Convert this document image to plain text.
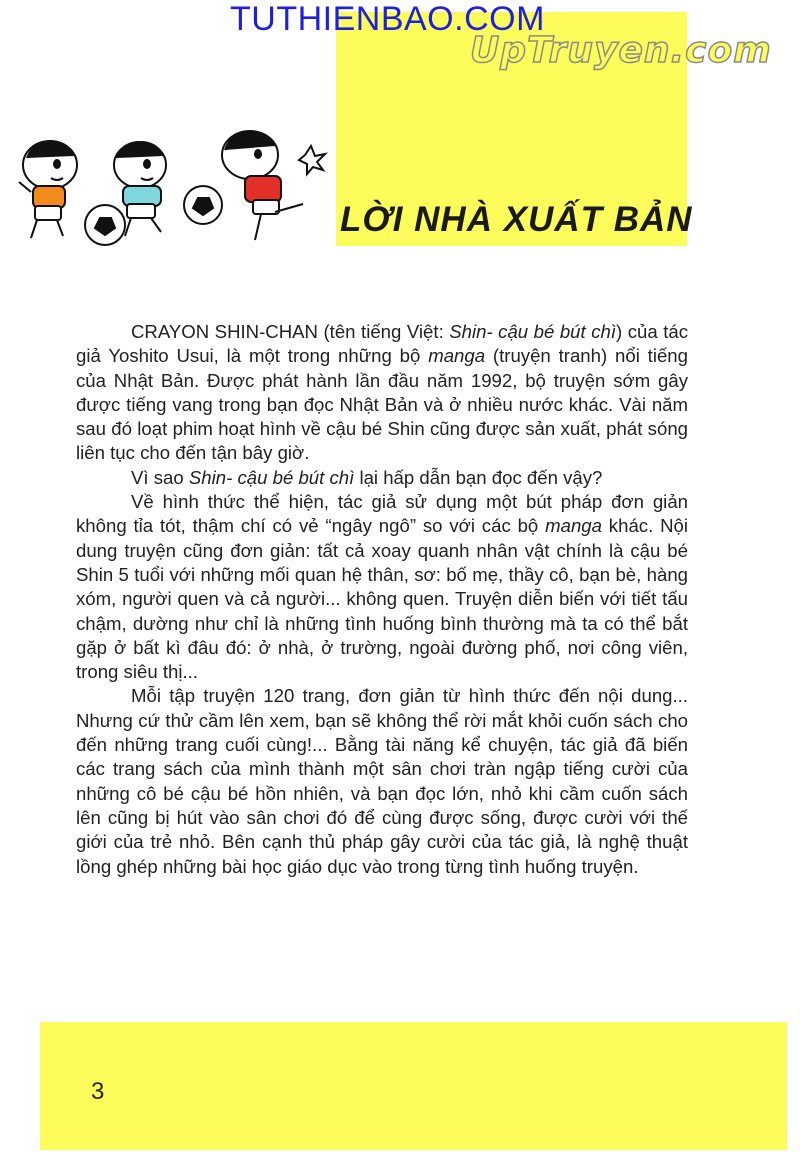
TUTHIENBAO.COM
UpTruyen.com
LỜI NHÀ XUẤT BẢN

CRAYON SHIN-CHAN (tên tiếng Việt: Shin- cậu bé bút chì) của tác giả Yoshito Usui, là một trong những bộ manga (truyện tranh) nổi tiếng của Nhật Bản. Được phát hành lần đầu năm 1992, bộ truyện sớm gây được tiếng vang trong bạn đọc Nhật Bản và ở nhiều nước khác. Vài năm sau đó loạt phim hoạt hình về cậu bé Shin cũng được sản xuất, phát sóng liên tục cho đến tận bây giờ.

Vì sao Shin- cậu bé bút chì lại hấp dẫn bạn đọc đến vậy?

Về hình thức thể hiện, tác giả sử dụng một bút pháp đơn giản không tỉa tót, thậm chí có vẻ “ngây ngô” so với các bộ manga khác. Nội dung truyện cũng đơn giản: tất cả xoay quanh nhân vật chính là cậu bé Shin 5 tuổi với những mối quan hệ thân, sơ: bố mẹ, thầy cô, bạn bè, hàng xóm, người quen và cả người... không quen. Truyện diễn biến với tiết tấu chậm, dường như chỉ là những tình huống bình thường mà ta có thể bắt gặp ở bất kì đâu đó: ở nhà, ở trường, ngoài đường phố, nơi công viên, trong siêu thị...

Mỗi tập truyện 120 trang, đơn giản từ hình thức đến nội dung... Nhưng cứ thử cầm lên xem, bạn sẽ không thể rời mắt khỏi cuốn sách cho đến những trang cuối cùng!... Bằng tài năng kể chuyện, tác giả đã biến các trang sách của mình thành một sân chơi tràn ngập tiếng cười của những cô bé cậu bé hồn nhiên, và bạn đọc lớn, nhỏ khi cầm cuốn sách lên cũng bị hút vào sân chơi đó để cùng được sống, được cười với thế giới của trẻ nhỏ. Bên cạnh thủ pháp gây cười của tác giả, là nghệ thuật lồng ghép những bài học giáo dục vào trong từng tình huống truyện.

3
